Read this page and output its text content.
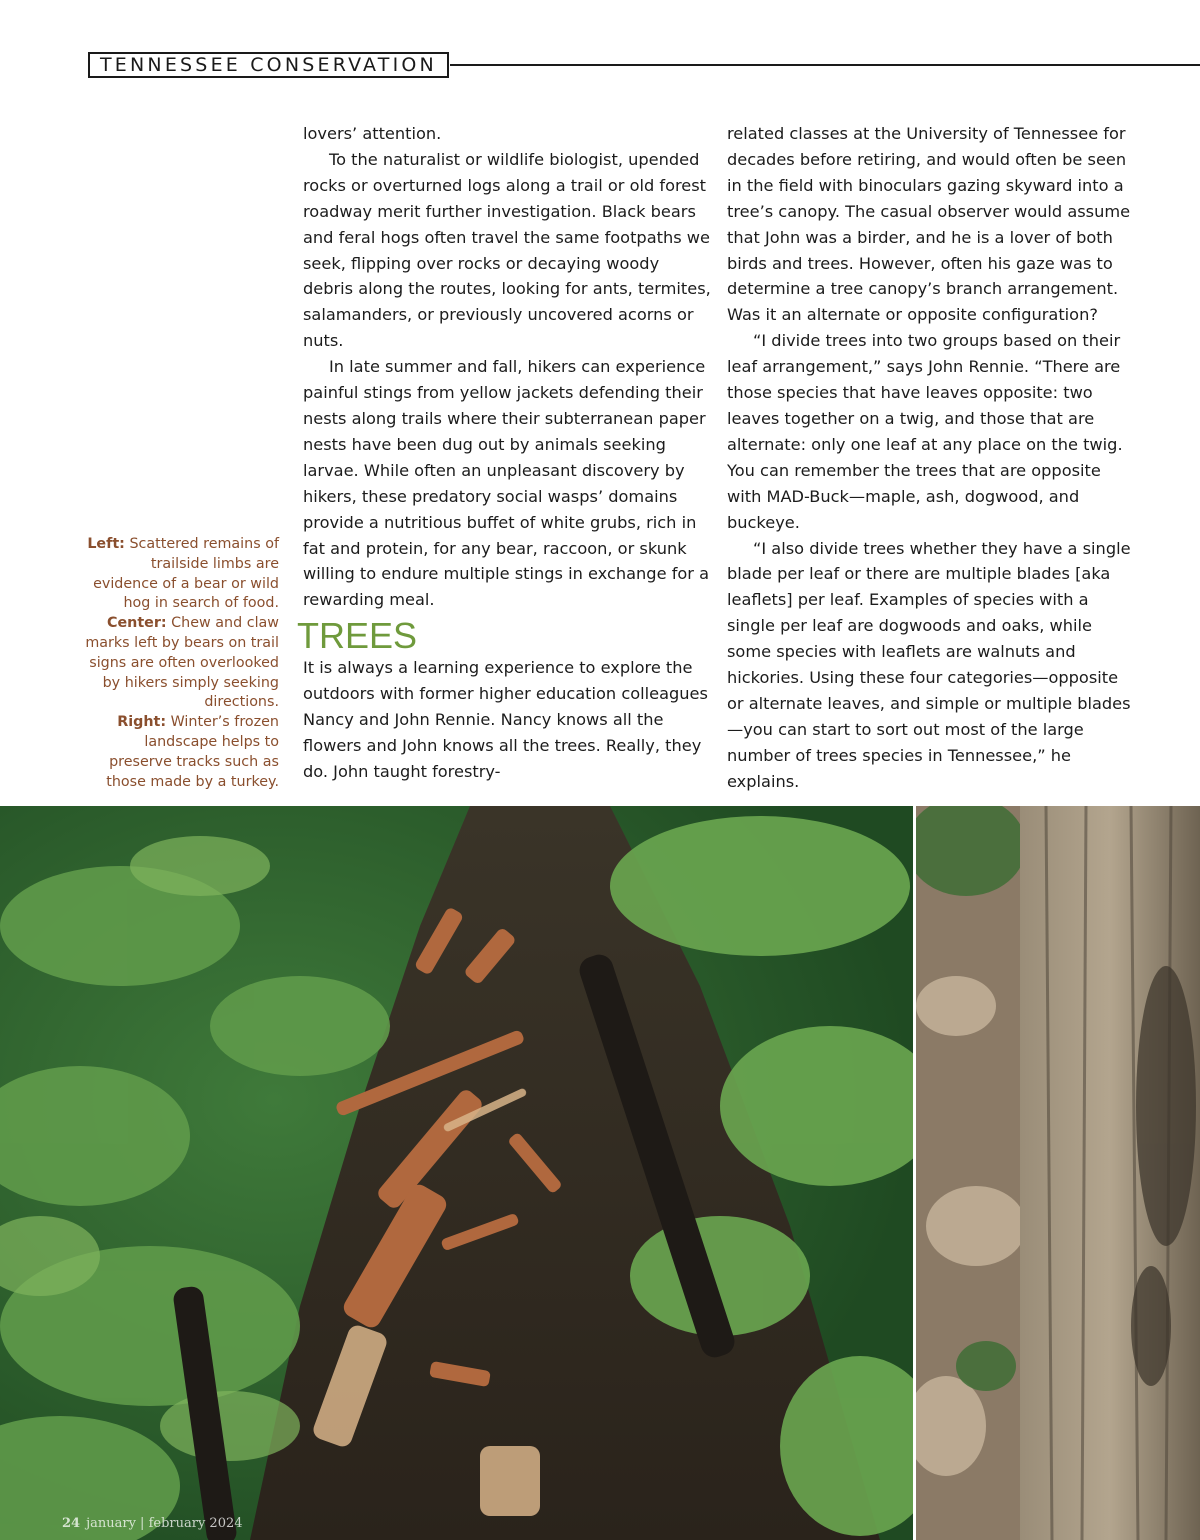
TENNESSEE CONSERVATION
Left: Scattered remains of trailside limbs are evidence of a bear or wild hog in search of food.
Center: Chew and claw marks left by bears on trail signs are often overlooked by hikers simply seeking directions.
Right: Winter’s frozen landscape helps to preserve tracks such as those made by a turkey.

lovers’ attention.

To the naturalist or wildlife biologist, upended rocks or overturned logs along a trail or old forest roadway merit further investigation. Black bears and feral hogs often travel the same footpaths we seek, flipping over rocks or decaying woody debris along the routes, looking for ants, termites, salamanders, or previously uncovered acorns or nuts.

In late summer and fall, hikers can experience painful stings from yellow jackets defending their nests along trails where their subterranean paper nests have been dug out by animals seeking larvae. While often an unpleasant discovery by hikers, these predatory social wasps’ domains provide a nutritious buffet of white grubs, rich in fat and protein, for any bear, raccoon, or skunk willing to endure multiple stings in exchange for a rewarding meal.

TREES

It is always a learning experience to explore the outdoors with former higher education colleagues Nancy and John Rennie. Nancy knows all the flowers and John knows all the trees. Really, they do. John taught forestry-

related classes at the University of Tennessee for decades before retiring, and would often be seen in the field with binoculars gazing skyward into a tree’s canopy. The casual observer would assume that John was a birder, and he is a lover of both birds and trees. However, often his gaze was to determine a tree canopy’s branch arrangement. Was it an alternate or opposite configuration?

“I divide trees into two groups based on their leaf arrangement,” says John Rennie. “There are those species that have leaves opposite: two leaves together on a twig, and those that are alternate: only one leaf at any place on the twig. You can remember the trees that are opposite with MAD-Buck—maple, ash, dogwood, and buckeye.

“I also divide trees whether they have a single blade per leaf or there are multiple blades [aka leaflets] per leaf. Examples of species with a single per leaf are dogwoods and oaks, while some species with leaflets are walnuts and hickories. Using these four categories—opposite or alternate leaves, and simple or multiple blades—you can start to sort out most of the large number of trees species in Tennessee,” he explains.

24 january | february 2024
